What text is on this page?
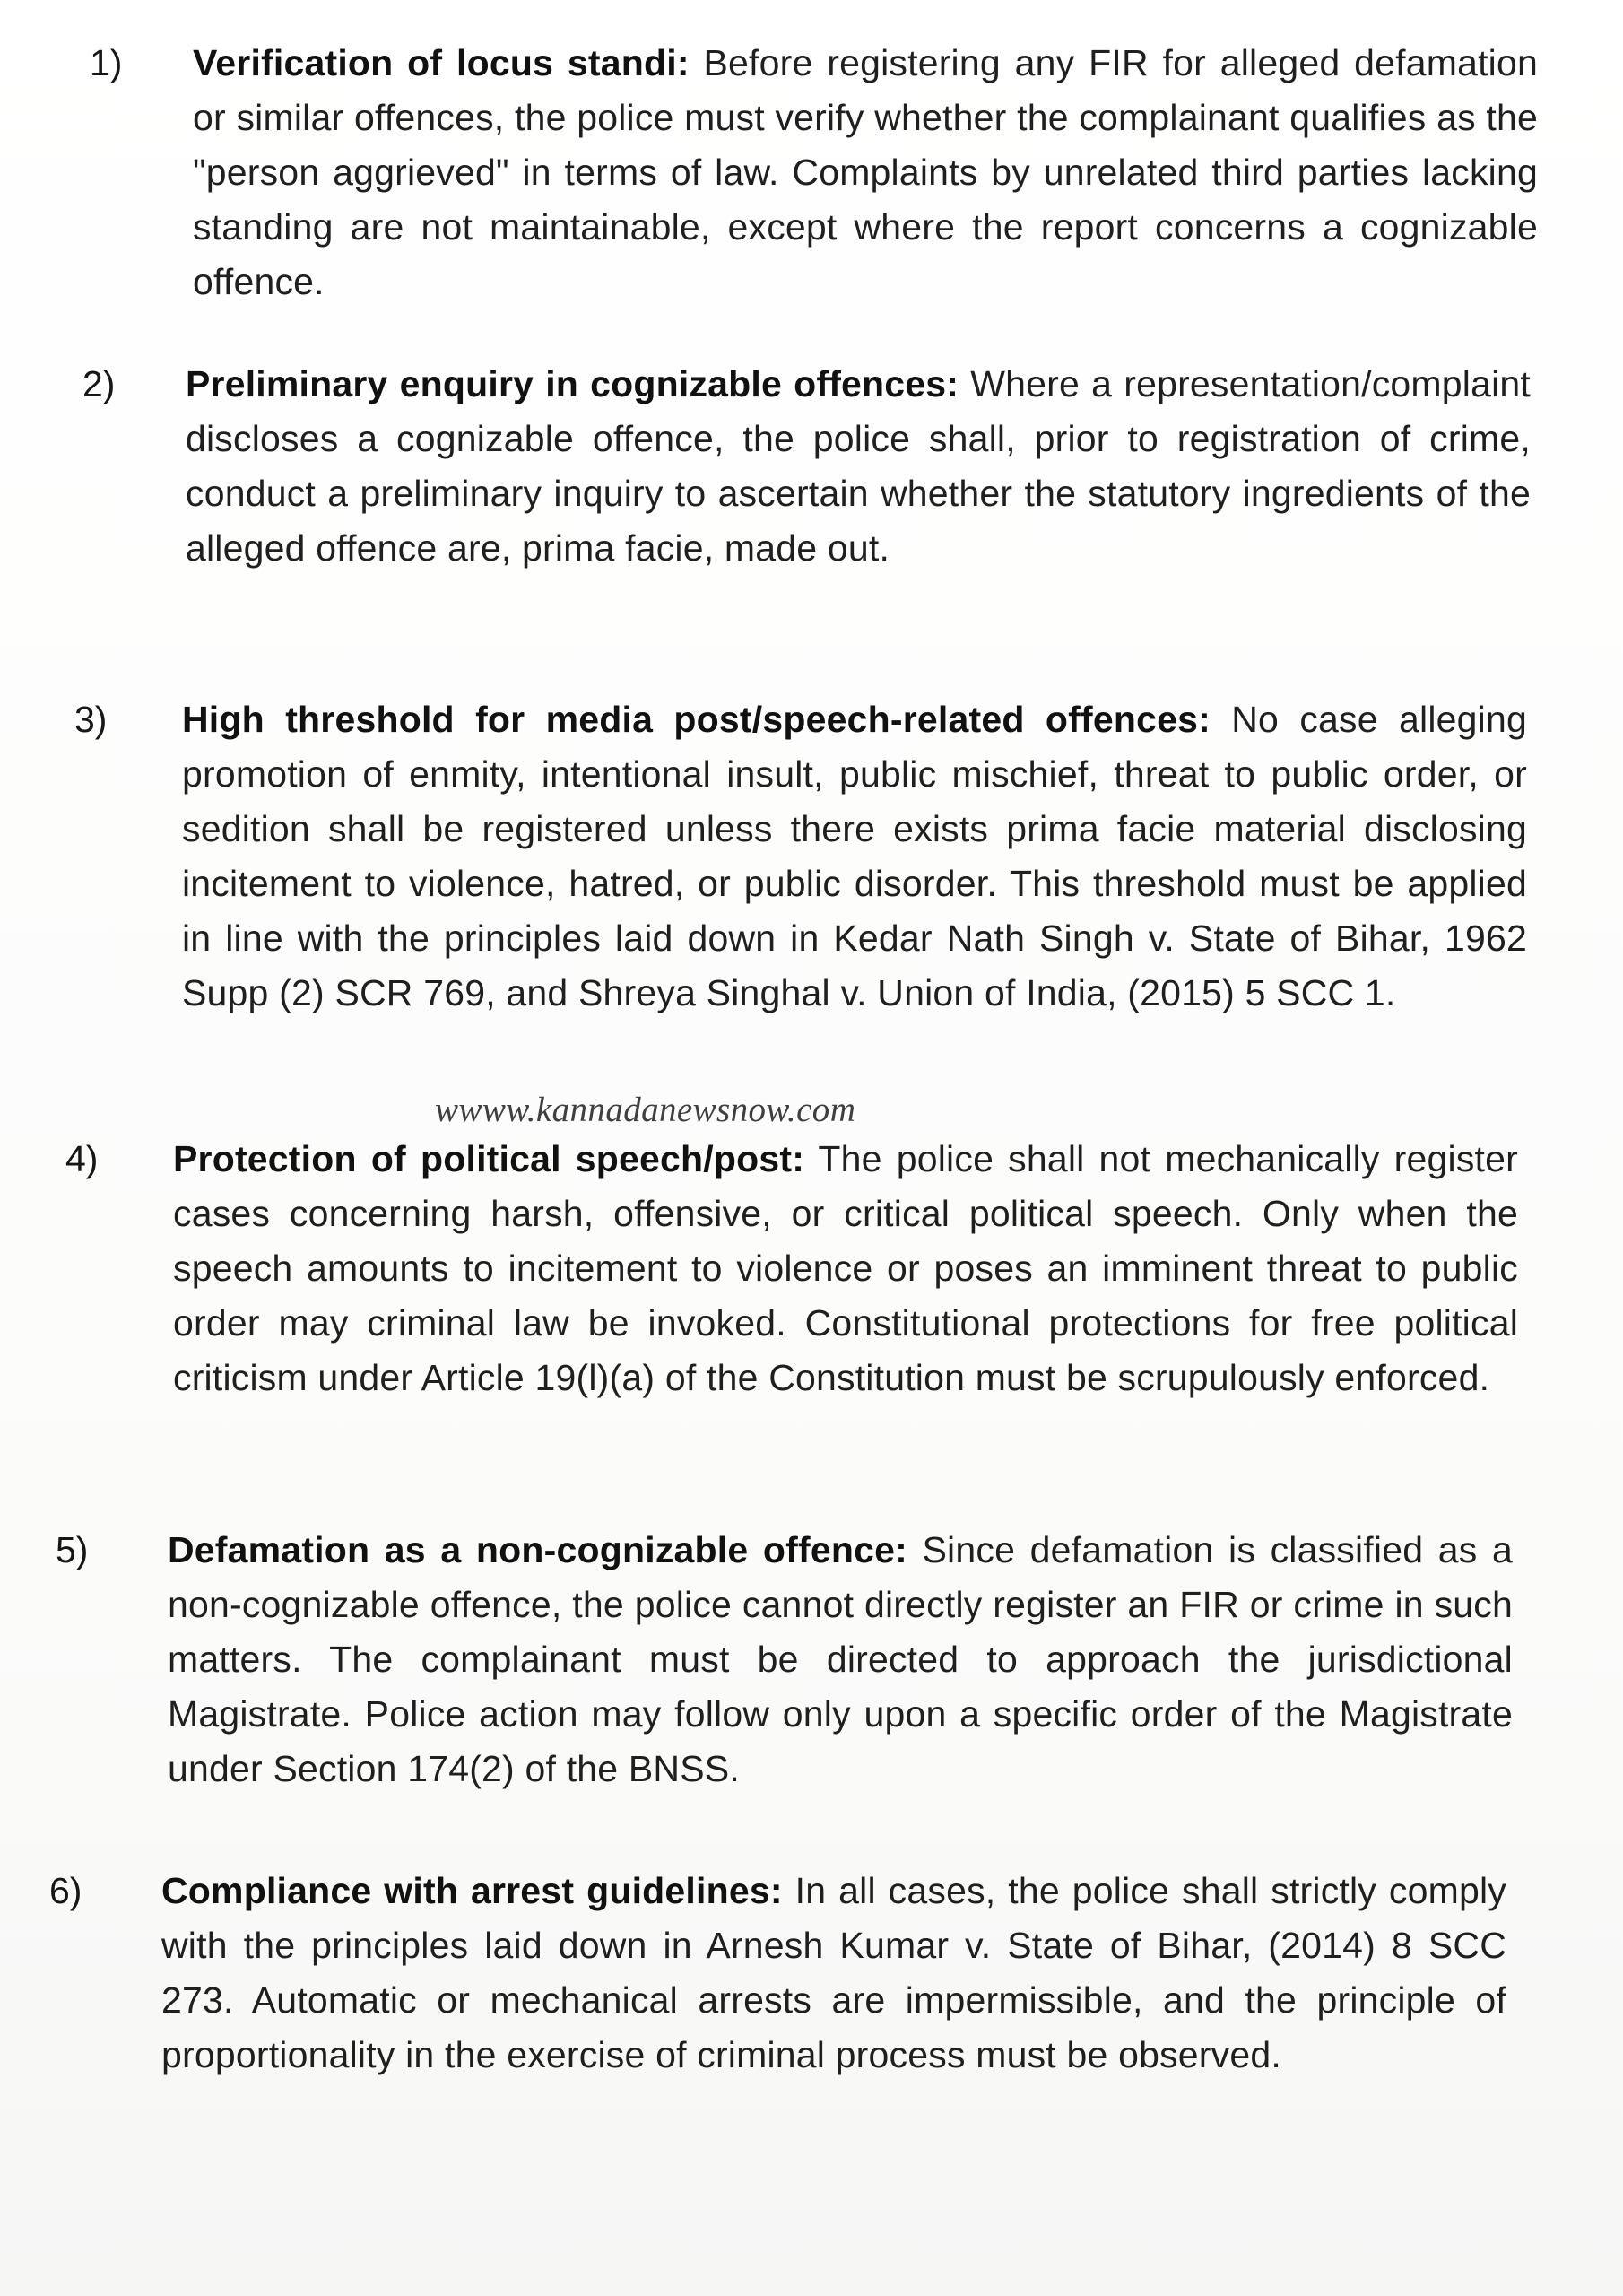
1)	Verification of locus standi: Before registering any FIR for alleged defamation or similar offences, the police must verify whether the complainant qualifies as the "person aggrieved" in terms of law. Complaints by unrelated third parties lacking standing are not maintainable, except where the report concerns a cognizable offence.

2)	Preliminary enquiry in cognizable offences: Where a representation/complaint discloses a cognizable offence, the police shall, prior to registration of crime, conduct a preliminary inquiry to ascertain whether the statutory ingredients of the alleged offence are, prima facie, made out.

3)	High threshold for media post/speech-related offences: No case alleging promotion of enmity, intentional insult, public mischief, threat to public order, or sedition shall be registered unless there exists prima facie material disclosing incitement to violence, hatred, or public disorder. This threshold must be applied in line with the principles laid down in Kedar Nath Singh v. State of Bihar, 1962 Supp (2) SCR 769, and Shreya Singhal v. Union of India, (2015) 5 SCC 1.

wwww.kannadanewsnow.com
4)	Protection of political speech/post: The police shall not mechanically register cases concerning harsh, offensive, or critical political speech. Only when the speech amounts to incitement to violence or poses an imminent threat to public order may criminal law be invoked. Constitutional protections for free political criticism under Article 19(l)(a) of the Constitution must be scrupulously enforced.

5)	Defamation as a non-cognizable offence: Since defamation is classified as a non-cognizable offence, the police cannot directly register an FIR or crime in such matters. The complainant must be directed to approach the jurisdictional Magistrate. Police action may follow only upon a specific order of the Magistrate under Section 174(2) of the BNSS.

6)	Compliance with arrest guidelines: In all cases, the police shall strictly comply with the principles laid down in Arnesh Kumar v. State of Bihar, (2014) 8 SCC 273. Automatic or mechanical arrests are impermissible, and the principle of proportionality in the exercise of criminal process must be observed.
